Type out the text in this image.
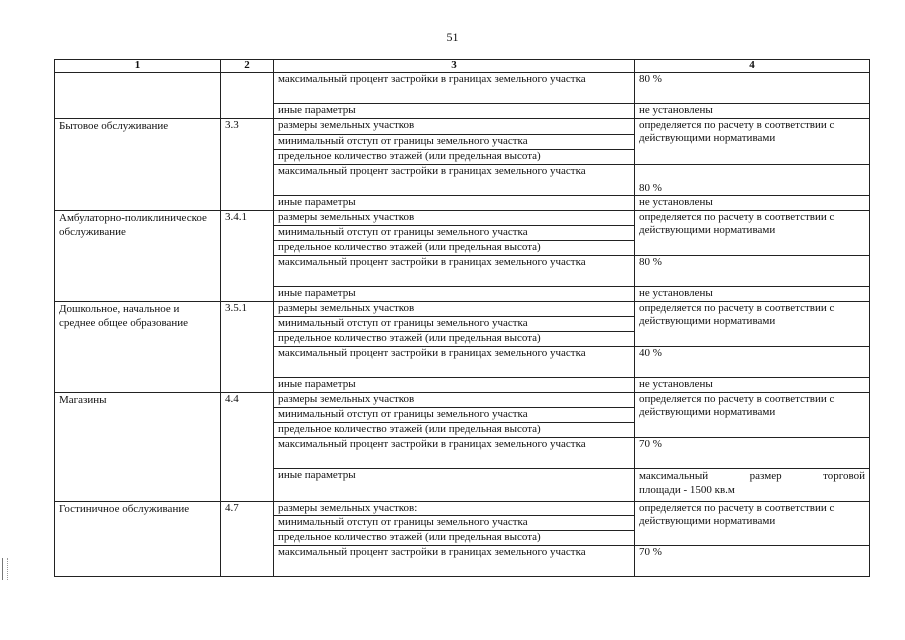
51
1	2	3	4
		максимальный процент застройки в границах земельного участка	80 %
		иные параметры	не установлены
Бытовое обслуживание	3.3	размеры земельных участков	определяется по расчету в соответствии с действующими нормативами
		минимальный отступ от границы земельного участка	
		предельное количество этажей (или предельная высота)	
		максимальный процент застройки в границах земельного участка	80 %
		иные параметры	не установлены
Амбулаторно-поликлиническое обслуживание	3.4.1	размеры земельных участков	определяется по расчету в соответствии с действующими нормативами
		минимальный отступ от границы земельного участка	
		предельное количество этажей (или предельная высота)	
		максимальный процент застройки в границах земельного участка	80 %
		иные параметры	не установлены
Дошкольное, начальное и среднее общее образование	3.5.1	размеры земельных участков	определяется по расчету в соответствии с действующими нормативами
		минимальный отступ от границы земельного участка	
		предельное количество этажей (или предельная высота)	
		максимальный процент застройки в границах земельного участка	40 %
		иные параметры	не установлены
Магазины	4.4	размеры земельных участков	определяется по расчету в соответствии с действующими нормативами
		минимальный отступ от границы земельного участка	
		предельное количество этажей (или предельная высота)	
		максимальный процент застройки в границах земельного участка	70 %
		иные параметры	максимальный размер торговой
площади - 1500 кв.м

Гостиничное обслуживание	4.7	размеры земельных участков:	определяется по расчету в соответствии с действующими нормативами
		минимальный отступ от границы земельного участка	
		предельное количество этажей (или предельная высота)	
		максимальный процент застройки в границах земельного участка	70 %
